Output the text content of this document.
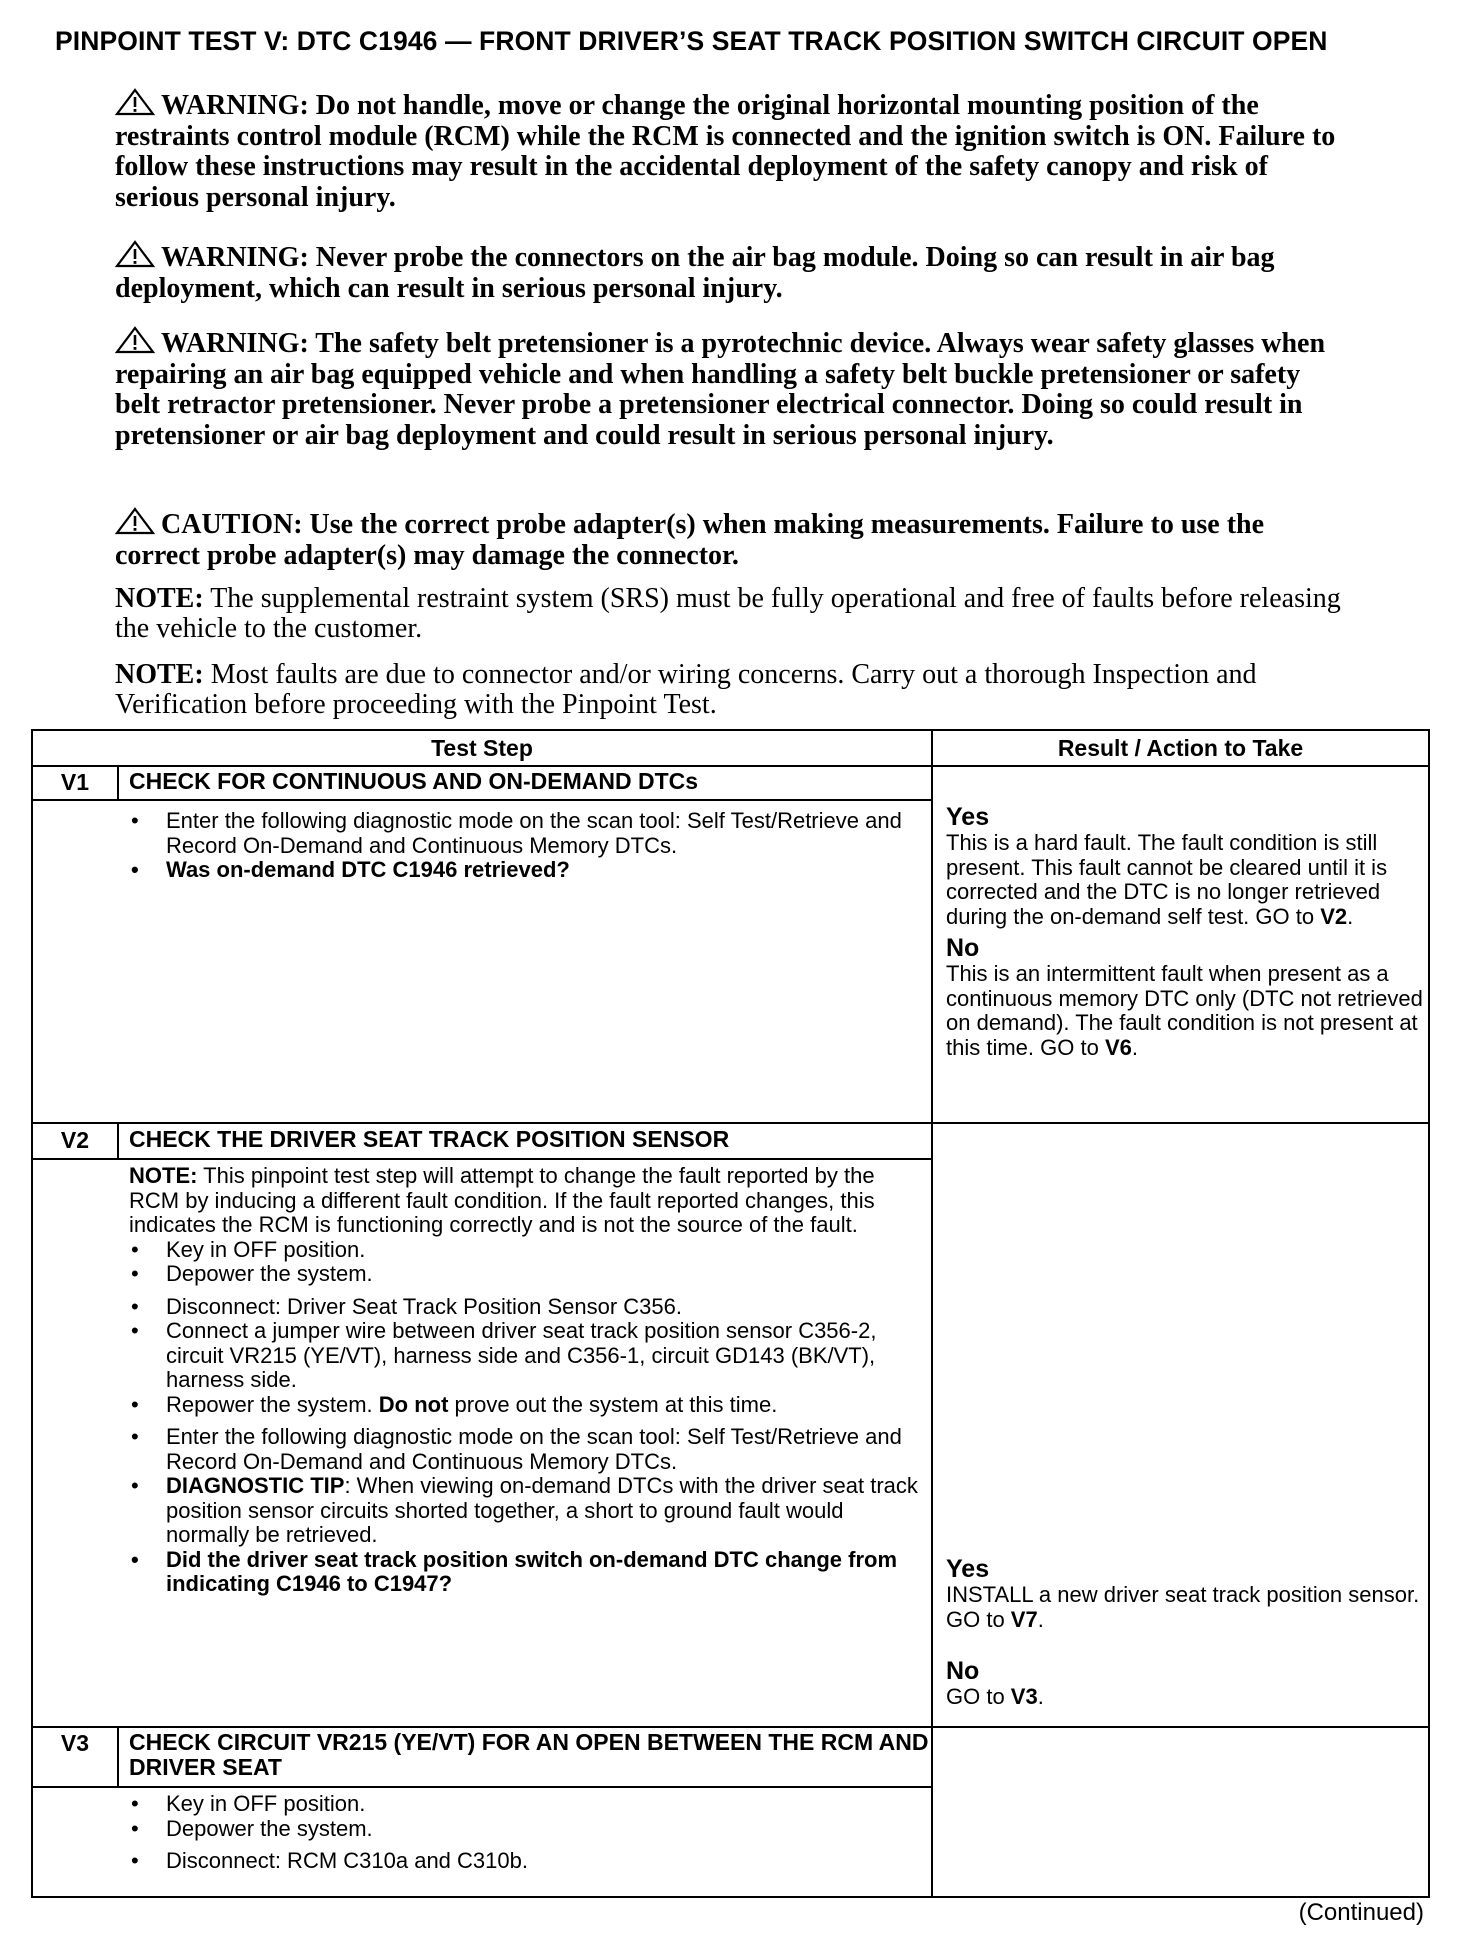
PINPOINT TEST V: DTC C1946 — FRONT DRIVER’S SEAT TRACK POSITION SWITCH CIRCUIT OPEN
WARNING: Do not handle, move or change the original horizontal mounting position of the restraints control module (RCM) while the RCM is connected and the ignition switch is ON. Failure to follow these instructions may result in the accidental deployment of the safety canopy and risk of serious personal injury.
WARNING: Never probe the connectors on the air bag module. Doing so can result in air bag deployment, which can result in serious personal injury.
WARNING: The safety belt pretensioner is a pyrotechnic device. Always wear safety glasses when repairing an air bag equipped vehicle and when handling a safety belt buckle pretensioner or safety belt retractor pretensioner. Never probe a pretensioner electrical connector. Doing so could result in pretensioner or air bag deployment and could result in serious personal injury.
CAUTION: Use the correct probe adapter(s) when making measurements. Failure to use the correct probe adapter(s) may damage the connector.
NOTE: The supplemental restraint system (SRS) must be fully operational and free of faults before releasing the vehicle to the customer.
NOTE: Most faults are due to connector and/or wiring concerns. Carry out a thorough Inspection and Verification before proceeding with the Pinpoint Test.
Test Step	Result / Action to Take
V1	CHECK FOR CONTINUOUS AND ON-DEMAND DTCs
• Enter the following diagnostic mode on the scan tool: Self Test/Retrieve and Record On-Demand and Continuous Memory DTCs.
• Was on-demand DTC C1946 retrieved?
Yes
This is a hard fault. The fault condition is still present. This fault cannot be cleared until it is corrected and the DTC is no longer retrieved during the on-demand self test. GO to V2.
No
This is an intermittent fault when present as a continuous memory DTC only (DTC not retrieved on demand). The fault condition is not present at this time. GO to V6.
V2	CHECK THE DRIVER SEAT TRACK POSITION SENSOR
NOTE: This pinpoint test step will attempt to change the fault reported by the RCM by inducing a different fault condition. If the fault reported changes, this indicates the RCM is functioning correctly and is not the source of the fault.
• Key in OFF position.
• Depower the system.
• Disconnect: Driver Seat Track Position Sensor C356.
• Connect a jumper wire between driver seat track position sensor C356-2, circuit VR215 (YE/VT), harness side and C356-1, circuit GD143 (BK/VT), harness side.
• Repower the system. Do not prove out the system at this time.
• Enter the following diagnostic mode on the scan tool: Self Test/Retrieve and Record On-Demand and Continuous Memory DTCs.
• DIAGNOSTIC TIP: When viewing on-demand DTCs with the driver seat track position sensor circuits shorted together, a short to ground fault would normally be retrieved.
• Did the driver seat track position switch on-demand DTC change from indicating C1946 to C1947?
Yes
INSTALL a new driver seat track position sensor. GO to V7.
No
GO to V3.
V3	CHECK CIRCUIT VR215 (YE/VT) FOR AN OPEN BETWEEN THE RCM AND DRIVER SEAT
• Key in OFF position.
• Depower the system.
• Disconnect: RCM C310a and C310b.
(Continued)
